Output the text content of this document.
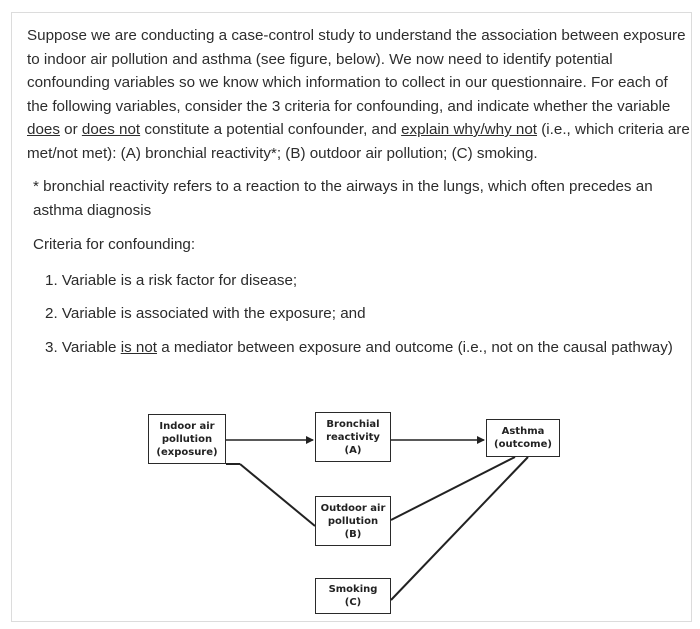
Suppose we are conducting a case-control study to understand the association between exposure to indoor air pollution and asthma (see figure, below). We now need to identify potential confounding variables so we know which information to collect in our questionnaire. For each of the following variables, consider the 3 criteria for confounding, and indicate whether the variable does or does not constitute a potential confounder, and explain why/why not (i.e., which criteria are met/not met): (A) bronchial reactivity*; (B) outdoor air pollution; (C) smoking.
* bronchial reactivity refers to a reaction to the airways in the lungs, which often precedes an asthma diagnosis
Criteria for confounding:
1. Variable is a risk factor for disease;
2. Variable is associated with the exposure; and
3. Variable is not a mediator between exposure and outcome (i.e., not on the causal pathway)
Indoor air
pollution
(exposure)
Bronchial
reactivity
(A)
Asthma
(outcome)
Outdoor air
pollution
(B)
Smoking
(C)
